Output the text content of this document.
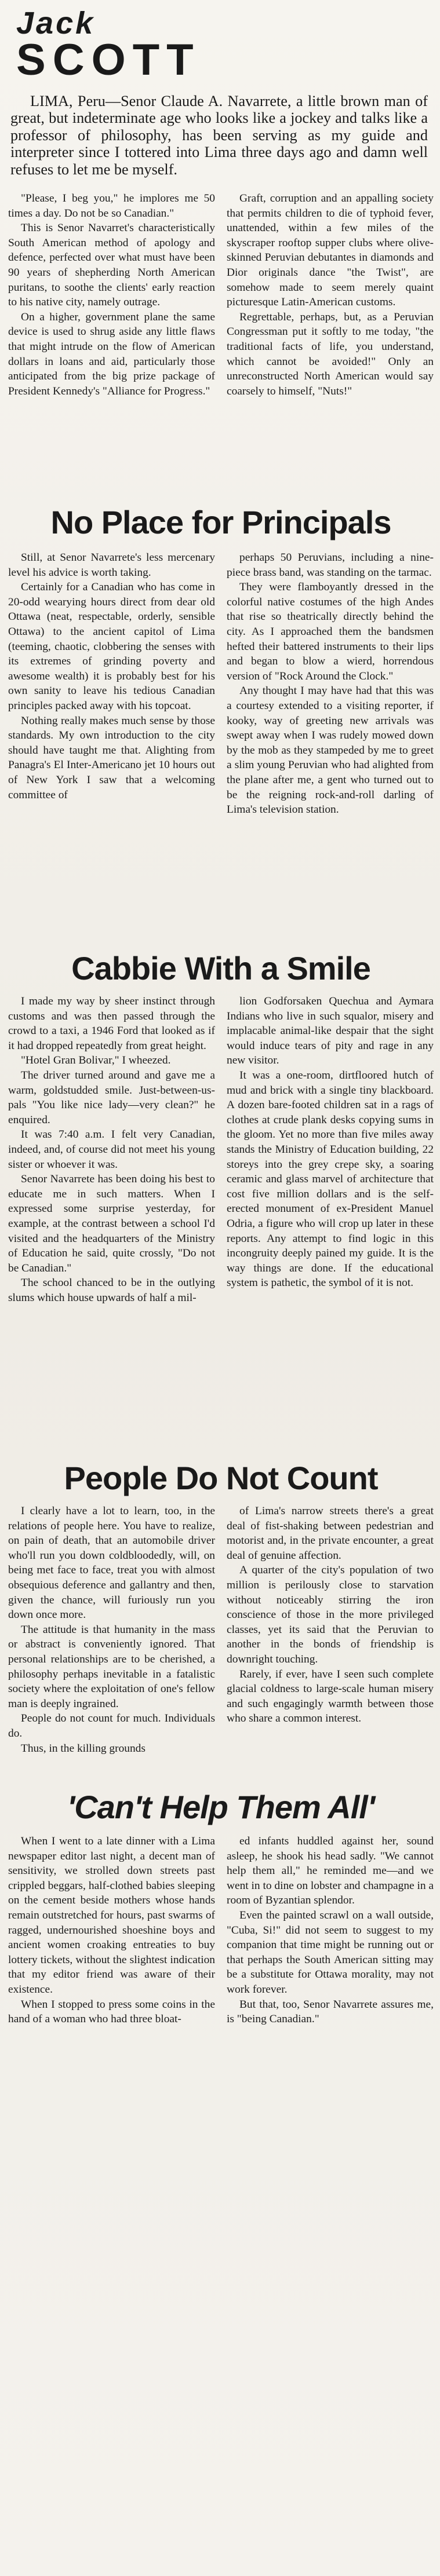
Jack
SCOTT

LIMA, Peru—Senor Claude A. Navarrete, a little brown man of great, but indeterminate age who looks like a jockey and talks like a professor of philosophy, has been serving as my guide and interpreter since I tottered into Lima three days ago and damn well refuses to let me be myself.

"Please, I beg you," he implores me 50 times a day. Do not be so Canadian."

This is Senor Navarret's characteristically South American method of apology and defence, perfected over what must have been 90 years of shepherding North American puritans, to soothe the clients' early reaction to his native city, namely outrage.

On a higher, government plane the same device is used to shrug aside any little flaws that might intrude on the flow of American dollars in loans and aid, particularly those anticipated from the big prize package of President Kennedy's "Alliance for Progress."

Graft, corruption and an appalling society that permits children to die of typhoid fever, unattended, within a few miles of the skyscraper rooftop supper clubs where olive-skinned Peruvian debutantes in diamonds and Dior originals dance "the Twist", are somehow made to seem merely quaint picturesque Latin-American customs.

Regrettable, perhaps, but, as a Peruvian Congressman put it softly to me today, "the traditional facts of life, you understand, which cannot be avoided!" Only an unreconstructed North American would say coarsely to himself, "Nuts!"

No Place for Principals

Still, at Senor Navarrete's less mercenary level his advice is worth taking.

Certainly for a Canadian who has come in 20-odd wearying hours direct from dear old Ottawa (neat, respectable, orderly, sensible Ottawa) to the ancient capitol of Lima (teeming, chaotic, clobbering the senses with its extremes of grinding poverty and awesome wealth) it is probably best for his own sanity to leave his tedious Canadian principles packed away with his topcoat.

Nothing really makes much sense by those standards. My own introduction to the city should have taught me that. Alighting from Panagra's El Inter-Americano jet 10 hours out of New York I saw that a welcoming committee of

perhaps 50 Peruvians, including a nine-piece brass band, was standing on the tarmac.

They were flamboyantly dressed in the colorful native costumes of the high Andes that rise so theatrically directly behind the city. As I approached them the bandsmen hefted their battered instruments to their lips and began to blow a wierd, horrendous version of "Rock Around the Clock."

Any thought I may have had that this was a courtesy extended to a visiting reporter, if kooky, way of greeting new arrivals was swept away when I was rudely mowed down by the mob as they stampeded by me to greet a slim young Peruvian who had alighted from the plane after me, a gent who turned out to be the reigning rock-and-roll darling of Lima's television station.

Cabbie With a Smile

I made my way by sheer instinct through customs and was then passed through the crowd to a taxi, a 1946 Ford that looked as if it had dropped repeatedly from great height.

"Hotel Gran Bolivar," I wheezed.

The driver turned around and gave me a warm, goldstudded smile. Just-between-us-pals "You like nice lady—very clean?" he enquired.

It was 7:40 a.m. I felt very Canadian, indeed, and, of course did not meet his young sister or whoever it was.

Senor Navarrete has been doing his best to educate me in such matters. When I expressed some surprise yesterday, for example, at the contrast between a school I'd visited and the headquarters of the Ministry of Education he said, quite crossly, "Do not be Canadian."

The school chanced to be in the outlying slums which house upwards of half a mil-

lion Godforsaken Quechua and Aymara Indians who live in such squalor, misery and implacable animal-like despair that the sight would induce tears of pity and rage in any new visitor.

It was a one-room, dirtfloored hutch of mud and brick with a single tiny blackboard. A dozen bare-footed children sat in a rags of clothes at crude plank desks copying sums in the gloom. Yet no more than five miles away stands the Ministry of Education building, 22 storeys into the grey crepe sky, a soaring ceramic and glass marvel of architecture that cost five million dollars and is the self-erected monument of ex-President Manuel Odria, a figure who will crop up later in these reports. Any attempt to find logic in this incongruity deeply pained my guide. It is the way things are done. If the educational system is pathetic, the symbol of it is not.

People Do Not Count

I clearly have a lot to learn, too, in the relations of people here. You have to realize, on pain of death, that an automobile driver who'll run you down coldbloodedly, will, on being met face to face, treat you with almost obsequious deference and gallantry and then, given the chance, will furiously run you down once more.

The attitude is that humanity in the mass or abstract is conveniently ignored. That personal relationships are to be cherished, a philosophy perhaps inevitable in a fatalistic society where the exploitation of one's fellow man is deeply ingrained.

People do not count for much. Individuals do.

Thus, in the killing grounds

of Lima's narrow streets there's a great deal of fist-shaking between pedestrian and motorist and, in the private encounter, a great deal of genuine affection.

A quarter of the city's population of two million is perilously close to starvation without noticeably stirring the iron conscience of those in the more privileged classes, yet its said that the Peruvian to another in the bonds of friendship is downright touching.

Rarely, if ever, have I seen such complete glacial coldness to large-scale human misery and such engagingly warmth between those who share a common interest.

'Can't Help Them All'

When I went to a late dinner with a Lima newspaper editor last night, a decent man of sensitivity, we strolled down streets past crippled beggars, half-clothed babies sleeping on the cement beside mothers whose hands remain outstretched for hours, past swarms of ragged, undernourished shoeshine boys and ancient women croaking entreaties to buy lottery tickets, without the slightest indication that my editor friend was aware of their existence.

When I stopped to press some coins in the hand of a woman who had three bloat-

ed infants huddled against her, sound asleep, he shook his head sadly. "We cannot help them all," he reminded me—and we went in to dine on lobster and champagne in a room of Byzantian splendor.

Even the painted scrawl on a wall outside, "Cuba, Si!" did not seem to suggest to my companion that time might be running out or that perhaps the South American sitting may be a substitute for Ottawa morality, may not work forever.

But that, too, Senor Navarrete assures me, is "being Canadian."
